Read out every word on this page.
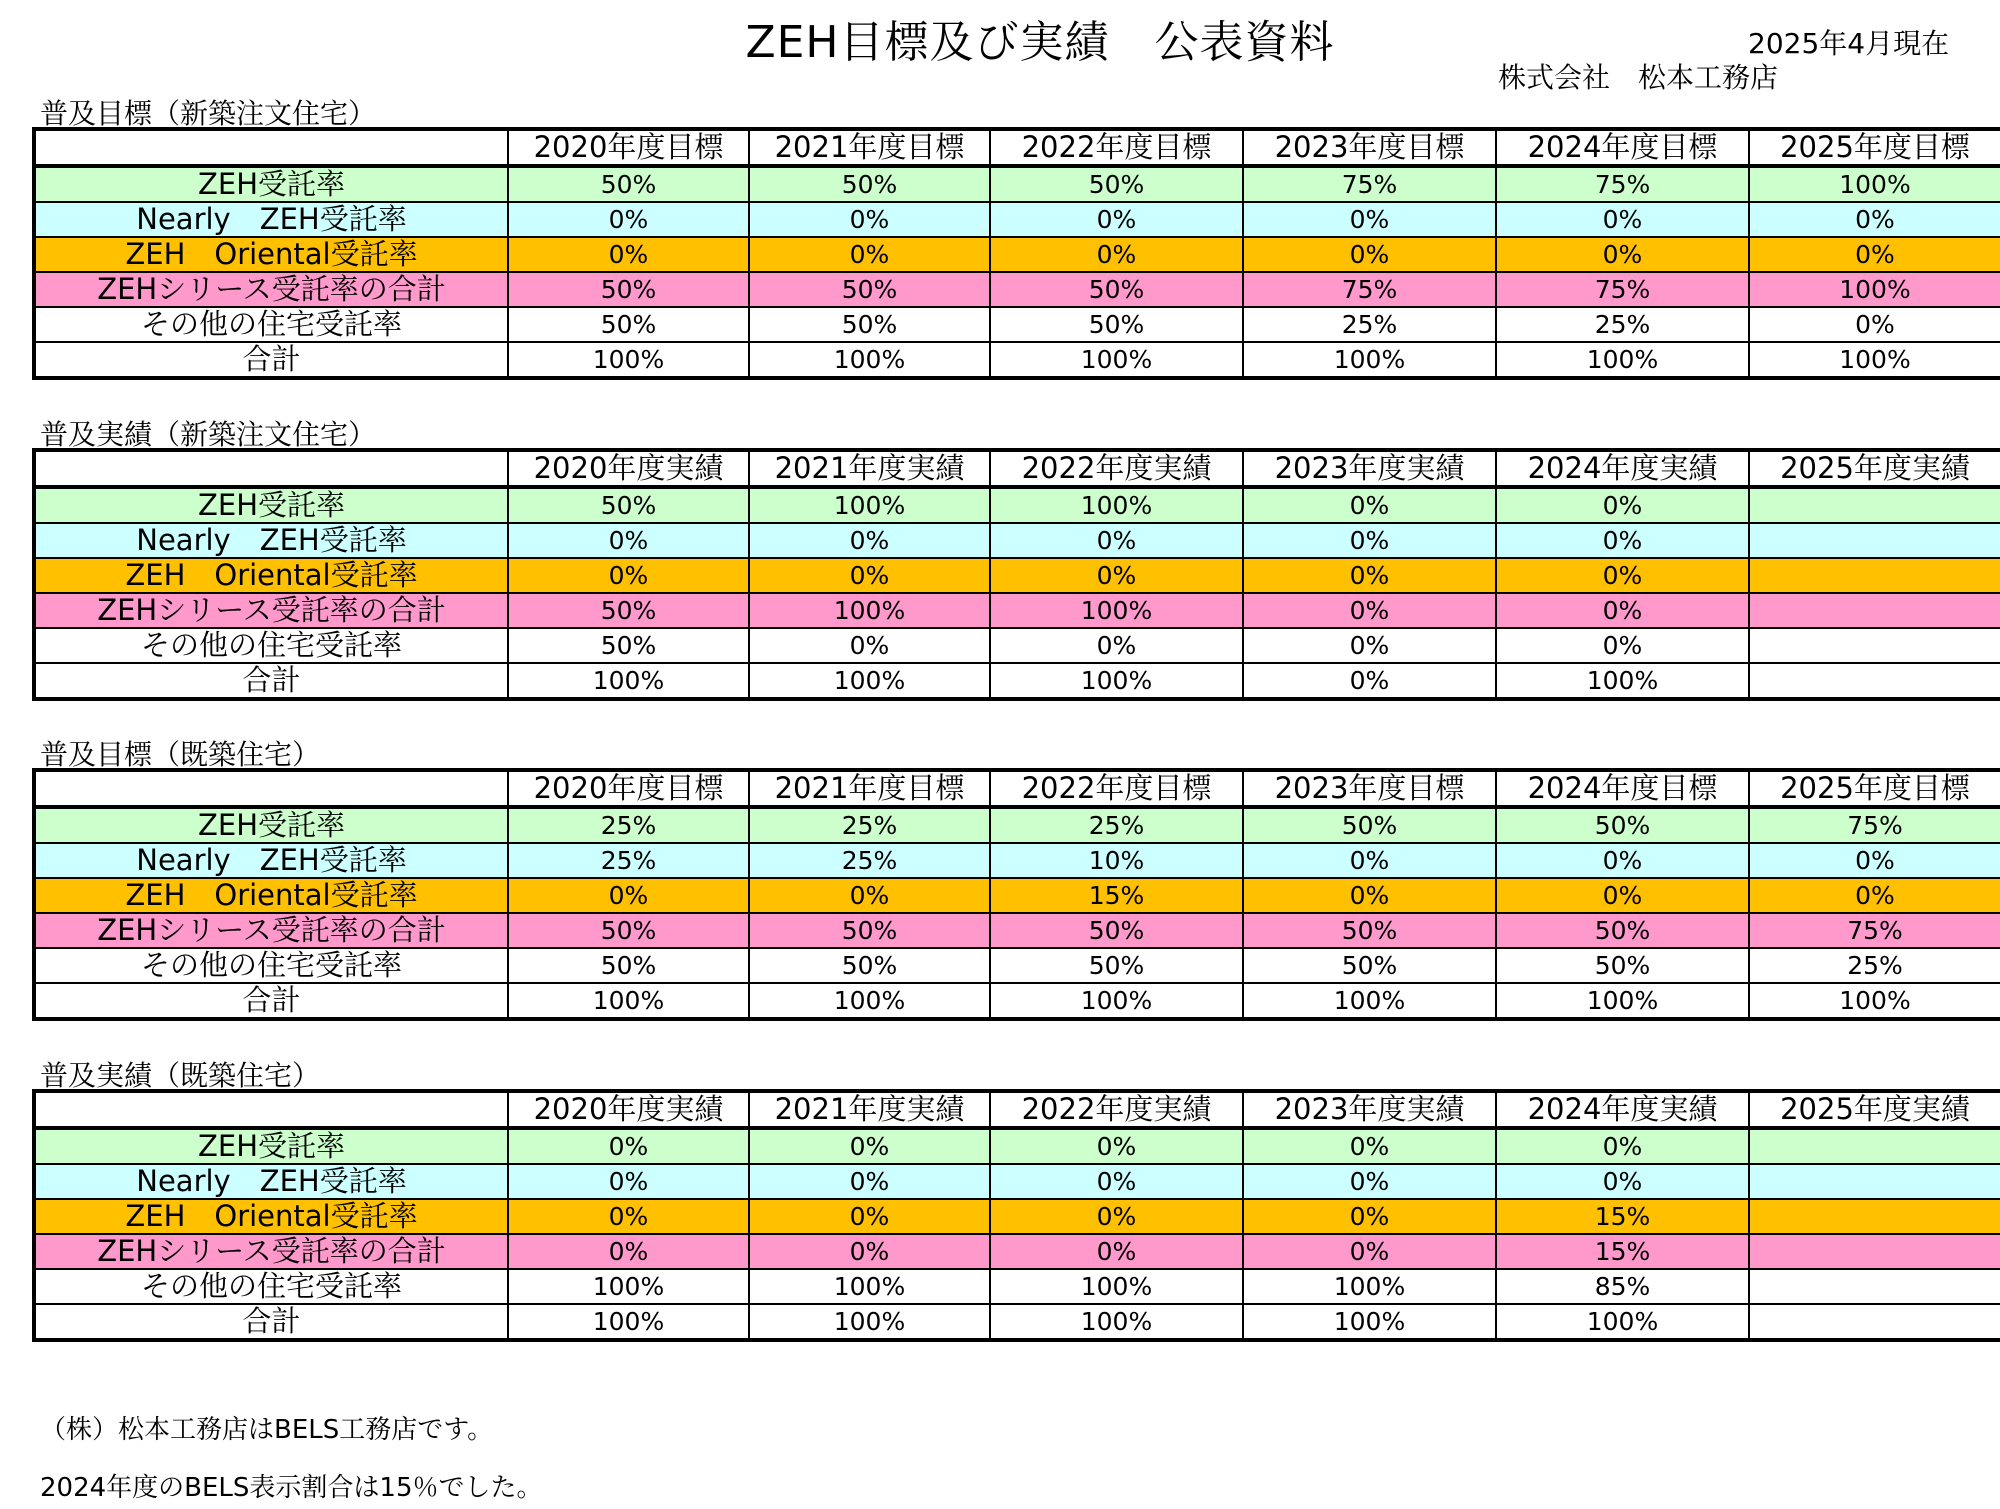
ZEH目標及び実績　公表資料	2025年4月現在
株式会社　松本工務店
普及目標（新築注文住宅）
	2020年度目標	2021年度目標	2022年度目標	2023年度目標	2024年度目標	2025年度目標
ZEH受託率	50%	50%	50%	75%	75%	100%
Nearly　ZEH受託率	0%	0%	0%	0%	0%	0%
ZEH　Oriental受託率	0%	0%	0%	0%	0%	0%
ZEHシリース受託率の合計	50%	50%	50%	75%	75%	100%
その他の住宅受託率	50%	50%	50%	25%	25%	0%
合計	100%	100%	100%	100%	100%	100%
普及実績（新築注文住宅）
	2020年度実績	2021年度実績	2022年度実績	2023年度実績	2024年度実績	2025年度実績
ZEH受託率	50%	100%	100%	0%	0%	
Nearly　ZEH受託率	0%	0%	0%	0%	0%	
ZEH　Oriental受託率	0%	0%	0%	0%	0%	
ZEHシリース受託率の合計	50%	100%	100%	0%	0%	
その他の住宅受託率	50%	0%	0%	0%	0%	
合計	100%	100%	100%	0%	100%	
普及目標（既築住宅）
	2020年度目標	2021年度目標	2022年度目標	2023年度目標	2024年度目標	2025年度目標
ZEH受託率	25%	25%	25%	50%	50%	75%
Nearly　ZEH受託率	25%	25%	10%	0%	0%	0%
ZEH　Oriental受託率	0%	0%	15%	0%	0%	0%
ZEHシリース受託率の合計	50%	50%	50%	50%	50%	75%
その他の住宅受託率	50%	50%	50%	50%	50%	25%
合計	100%	100%	100%	100%	100%	100%
普及実績（既築住宅）
	2020年度実績	2021年度実績	2022年度実績	2023年度実績	2024年度実績	2025年度実績
ZEH受託率	0%	0%	0%	0%	0%	
Nearly　ZEH受託率	0%	0%	0%	0%	0%	
ZEH　Oriental受託率	0%	0%	0%	0%	15%	
ZEHシリース受託率の合計	0%	0%	0%	0%	15%	
その他の住宅受託率	100%	100%	100%	100%	85%	
合計	100%	100%	100%	100%	100%	
（株）松本工務店はBELS工務店です。
2024年度のBELS表示割合は15％でした。
